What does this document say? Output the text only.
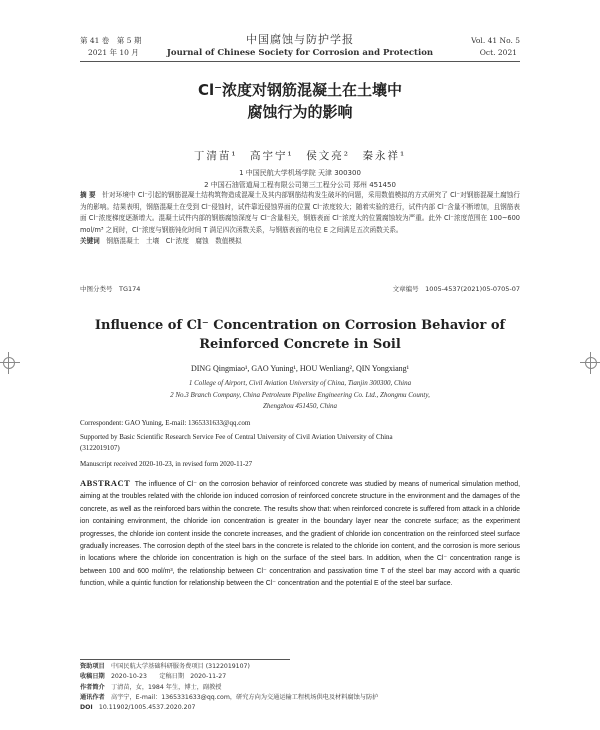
第 41 卷　第 5 期
2021 年 10 月
中国腐蚀与防护学报
Journal of Chinese Society for Corrosion and Protection
Vol. 41 No. 5
Oct. 2021
Cl⁻浓度对钢筋混凝土在土壤中
腐蚀行为的影响
丁清苗¹　高宇宁¹　侯文亮²　秦永祥¹
1 中国民航大学机场学院 天津 300300
2 中国石油管道局工程有限公司第三工程分公司 郑州 451450
摘 要　 针对环境中 Cl⁻引起的钢筋混凝土结构筑物造成混凝土及其内部钢筋结构发生破坏的问题，采用数值模拟的方式研究了 Cl⁻对钢筋混凝土腐蚀行为的影响。结果表明，钢筋混凝土在受到 Cl⁻侵蚀时，试件靠近侵蚀界面的位置 Cl⁻浓度较大；随着实验的进行，试件内部 Cl⁻含量不断增加，且钢筋表面 Cl⁻浓度梯度逐渐增大。混凝土试件内部的钢筋腐蚀深度与 Cl⁻含量相关，钢筋表面 Cl⁻浓度大的位置腐蚀较为严重。此外 Cl⁻浓度范围在 100~600 mol/m³ 之间时，Cl⁻浓度与钢筋钝化时间 T 满足四次函数关系，与钢筋表面的电位 E 之间满足五次函数关系。
关键词　 钢筋混凝土　土壤　Cl⁻浓度　腐蚀　数值模拟
中图分类号　TG174	文章编号　1005-4537(2021)05-0705-07
Influence of Cl⁻ Concentration on Corrosion Behavior of
Reinforced Concrete in Soil
DING Qingmiao¹, GAO Yuning¹, HOU Wenliang², QIN Yongxiang¹
1 College of Airport, Civil Aviation University of China, Tianjin 300300, China
2 No.3 Branch Company, China Petroleum Pipeline Engineering Co. Ltd., Zhongmu County,
Zhengzhou 451450, China
Correspondent: GAO Yuning, E-mail: 1365331633@qq.com
Supported by Basic Scientific Research Service Fee of Central University of Civil Aviation University of China
(3122019107)
Manuscript received 2020-10-23, in revised form 2020-11-27
ABSTRACT The influence of Cl⁻ on the corrosion behavior of reinforced concrete was studied by means of numerical simulation method, aiming at the troubles related with the chloride ion induced corrosion of reinforced concrete structure in the environment and the damages of the concrete, as well as the reinforced bars within the concrete. The results show that: when reinforced concrete is suffered from attack in a chloride ion containing environment, the chloride ion concentration is greater in the boundary layer near the concrete surface; as the experiment progresses, the chloride ion content inside the concrete increases, and the gradient of chloride ion concentration on the reinforced steel surface gradually increases. The corrosion depth of the steel bars in the concrete is related to the chloride ion content, and the corrosion is more serious in locations where the chloride ion concentration is high on the surface of the steel bars. In addition, when the Cl⁻ concentration range is between 100 and 600 mol/m³, the relationship between Cl⁻ concentration and passivation time T of the steel bar may accord with a quartic function, while a quintic function for relationship between the Cl⁻ concentration and the potential E of the steel bar surface.
资助项目　 中国民航大学基础科研服务费项目 (3122019107)
收稿日期　 2020-10-23　　定稿日期　2020-11-27
作者简介　 丁清苗，女，1984 年生，博士，副教授
通讯作者　 高宇宁，E-mail：1365331633@qq.com，研究方向为交通运输工程机场供电及材料腐蚀与防护
DOI　 10.11902/1005.4537.2020.207
